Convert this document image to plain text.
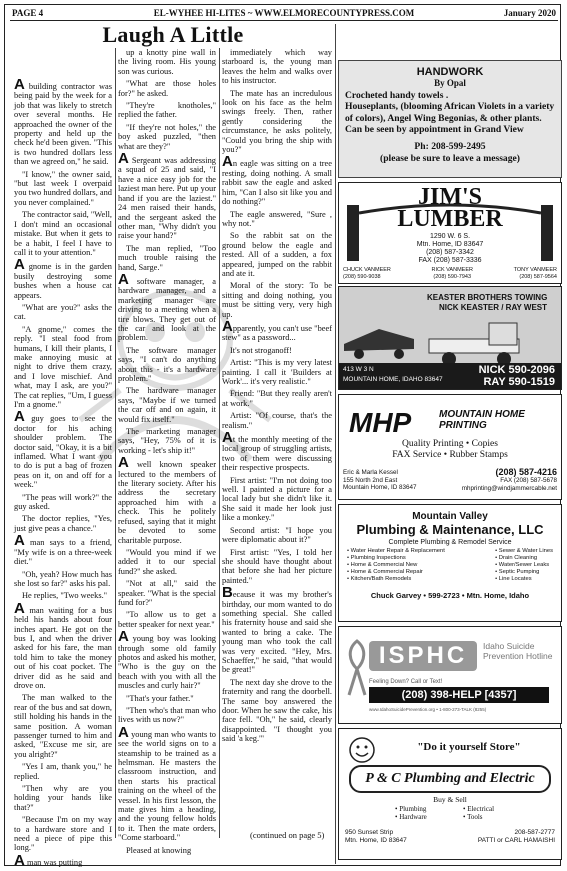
PAGE 4	EL-WYHEE HI-LITES ~ WWW.ELMORECOUNTYPRESS.COM	January 2020
Laugh A Little

A building contractor was being paid by the week for a job that was likely to stretch over several months. He approached the owner of the property and held up the check he'd been given. "This is two hundred dollars less than we agreed on," he said.

"I know," the owner said, "but last week I overpaid you two hundred dollars, and you never complained."

The contractor said, "Well, I don't mind an occasional mistake. But when it gets to be a habit, I feel I have to call it to your attention."

A gnome is in the garden busily destroying some bushes when a house cat appears.

"What are you?" asks the cat.

"A gnome," comes the reply. "I steal food from humans, I kill their plants, I make annoying music at night to drive them crazy, and I love mischief. And what, may I ask, are you?" The cat replies, "Um, I guess I'm a gnome."

A guy goes to see the doctor for his aching shoulder problem. The doctor said, "Okay, it is a bit inflamed. What I want you to do is put a bag of frozen peas on it, on and off for a week."

"The peas will work?" the guy asked.

The doctor replies, "Yes, just give peas a chance."

A man says to a friend, "My wife is on a three-week diet."

"Oh, yeah? How much has she lost so far?" asks his pal.

He replies, "Two weeks."

A man waiting for a bus held his hands about four inches apart. He got on the bus I, and when the driver asked for his fare, the man told him to take the money out of his coat pocket. The driver did as he said and drove on.

The man walked to the rear of the bus and sat down, still holding his hands in the same position. A woman passenger turned to him and asked, "Excuse me sir, are you alright?"

"Yes I am, thank you," he replied.

"Then why are you holding your hands like that?"

"Because I'm on my way to a hardware store and I need a piece of pipe this long."

A man was putting

up a knotty pine wall in the living room. His young son was curious.

"What are those holes for?" he asked.

"They're knotholes," replied the father.

"If they're not holes," the boy asked puzzled, "then what are they?"

A Sergeant was addressing a squad of 25 and said, "I have a nice easy job for the laziest man here. Put up your hand if you are the laziest." 24 men raised their hands, and the sergeant asked the other man, "Why didn't you raise your hand?"

The man replied, "Too much trouble raising the hand, Sarge."

A software manager, a hardware manager, and a marketing manager are driving to a meeting when a tire blows. They get out of the car and look at the problem.

The software manager says, "I can't do anything about this - it's a hardware problem."

The hardware manager says, "Maybe if we turned the car off and on again, it would fix itself."

The marketing manager says, "Hey, 75% of it is working - let's ship it!"

A well known speaker lectured to the members of the literary society. After his address the secretary approached him with a check. This he politely refused, saying that it might be devoted to some charitable purpose.

"Would you mind if we added it to our special fund?" she asked.

"Not at all," said the speaker. "What is the special fund for?"

"To allow us to get a better speaker for next year."

A young boy was looking through some old family photos and asked his mother, "Who is the guy on the beach with you with all the muscles and curly hair?"

"That's your father."

"Then who's that man who lives with us now?"

A young man who wants to see the world signs on to a steamship to be trained as a helmsman. He masters the classroom instruction, and then starts his practical training on the wheel of the vessel. In his first lesson, the mate gives him a heading, and the young fellow holds to it. Then the mate orders, "Come starboard."

Pleased at knowing

immediately which way starboard is, the young man leaves the helm and walks over to his instructor.

The mate has an incredulous look on his face as the helm swings freely. Then, rather gently considering the circumstance, he asks politely, "Could you bring the ship with you?"

An eagle was sitting on a tree resting, doing nothing. A small rabbit saw the eagle and asked him, "Can I also sit like you and do nothing?"

The eagle answered, "Sure , why not."

So the rabbit sat on the ground below the eagle and rested. All of a sudden, a fox appeared, jumped on the rabbit and ate it.

Moral of the story: To be sitting and doing nothing, you must be sitting very, very high up.

Apparently, you can't use "beef stew" as a password...

It's not stroganoff!

Artist: "This is my very latest painting. I call it 'Builders at Work'... it's very realistic."

Friend: "But they really aren't at work."

Artist: "Of course, that's the realism."

At the monthly meeting of the local group of struggling artists, two of them were discussing their respective prospects.

First artist: "I'm not doing too well. I painted a picture for a local lady but she didn't like it. She said it made her look just like a monkey."

Second artist: "I hope you were diplomatic about it?"

First artist: "Yes, I told her she should have thought about that before she had her picture painted."

Because it was my brother's birthday, our mom wanted to do something special. She called his fraternity house and said she wanted to bring a cake. The young man who took the call was very excited. "Hey, Mrs. Schaeffer," he said, "that would be great!"

The next day she drove to the fraternity and rang the doorbell. The same boy answered the door. When he saw the cake, his face fell. "Oh," he said, clearly disappointed. "I thought you said 'a keg.'"

(continued on page 5)
HANDWORK
By Opal
Crocheted handy towels .
Houseplants, (blooming African Violets in a variety of colors), Angel Wing Begonias, & other plants.
Can be seen by appointment in Grand View
Ph: 208-599-2495
(please be sure to leave a message)
JIM'S
LUMBER
1290 W. 6 S.
Mtn. Home, ID 83647
(208) 587-3342
FAX (208) 587-3336
CHUCK VANMEER
(208) 590-9038
RICK VANMEER
(208) 590-7943
TONY VANMEER
(208) 587-9564
KEASTER BROTHERS TOWING
NICK KEASTER / RAY WEST
413 W 3 N
MOUNTAIN HOME, IDAHO 83647
NICK 590-2096
RAY 590-1519
MHP	MOUNTAIN HOME
PRINTING
Quality Printing • Copies
FAX Service • Rubber Stamps
Eric & Marla Kessel
155 North 2nd East
Mountain Home, ID 83647
(208) 587-4216
FAX (208) 587-5678
mhprinting@windjammercable.net
Mountain Valley
Plumbing & Maintenance, LLC
Complete Plumbing & Remodel Service
• Water Heater Repair & Replacement
• Plumbing Inspections
• Home & Commercial New
• Home & Commercial Repair
• Kitchen/Bath Remodels
• Sewer & Water Lines
• Drain Cleaning
• Water/Sewer Leaks
• Septic Pumping
• Line Locates
Chuck Garvey • 599-2723 • Mtn. Home, Idaho
ISPHC	Idaho Suicide Prevention Hotline
Feeling Down? Call or Text!
(208) 398-HELP [4357]
www.IdahoSuicidePrevention.org • 1-800-273-TALK (8255)
"Do it yourself Store"
P & C Plumbing and Electric
Buy & Sell
• Plumbing
• Hardware
• Electrical
• Tools
950 Sunset Strip
Mtn. Home, ID 83647
208-587-2777
PATTI or CARL HAMAISHI
